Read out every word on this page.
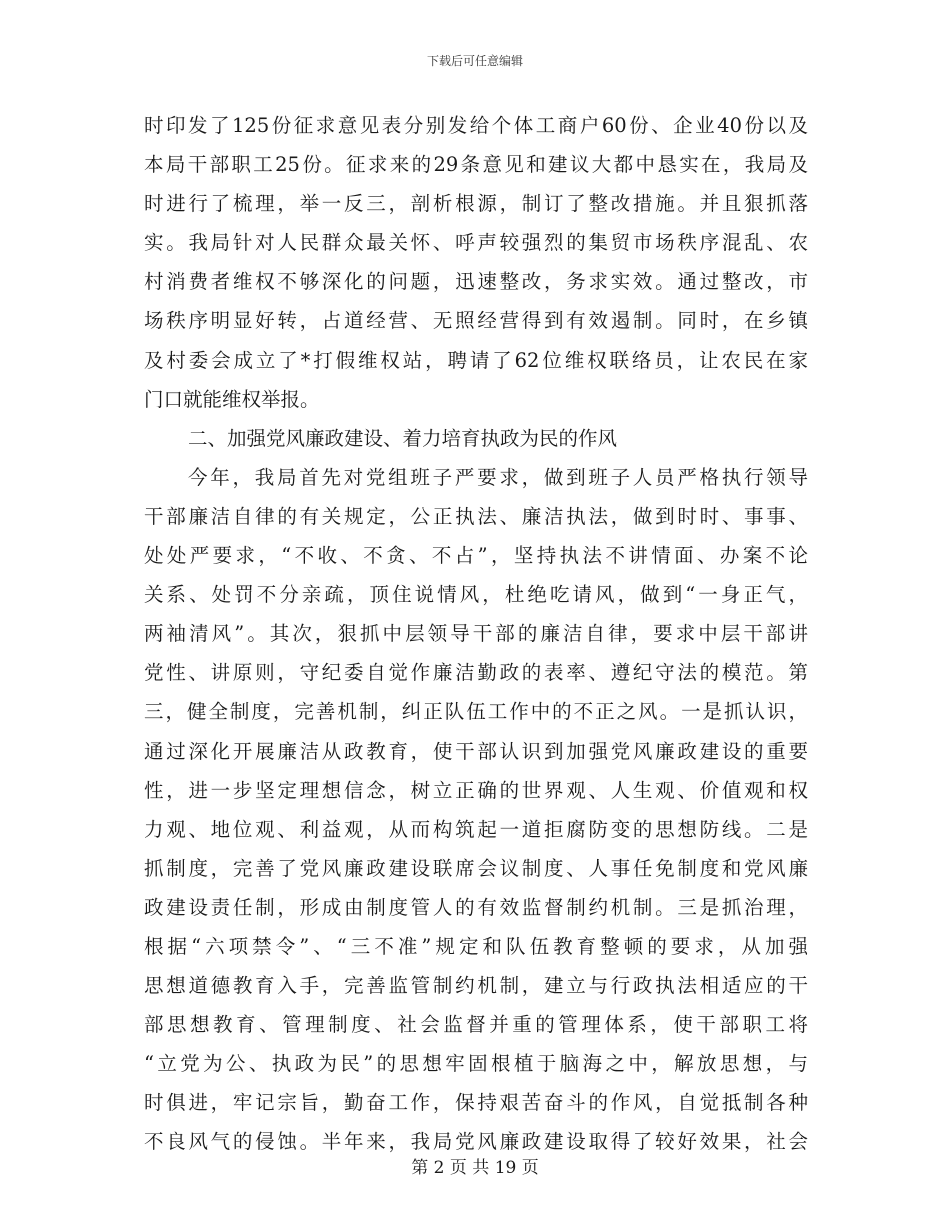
下载后可任意编辑
时印发了125份征求意见表分别发给个体工商户60份、企业40份以及
本局干部职工25份。征求来的29条意见和建议大都中恳实在，我局及
时进行了梳理，举一反三，剖析根源，制订了整改措施。并且狠抓落
实。我局针对人民群众最关怀、呼声较强烈的集贸市场秩序混乱、农
村消费者维权不够深化的问题，迅速整改，务求实效。通过整改，市
场秩序明显好转，占道经营、无照经营得到有效遏制。同时，在乡镇
及村委会成立了*打假维权站，聘请了62位维权联络员，让农民在家
门口就能维权举报。
二、加强党风廉政建设、着力培育执政为民的作风
今年，我局首先对党组班子严要求，做到班子人员严格执行领导
干部廉洁自律的有关规定，公正执法、廉洁执法，做到时时、事事、
处处严要求，“不收、不贪、不占”，坚持执法不讲情面、办案不论
关系、处罚不分亲疏，顶住说情风，杜绝吃请风，做到“一身正气，
两袖清风”。其次，狠抓中层领导干部的廉洁自律，要求中层干部讲
党性、讲原则，守纪委自觉作廉洁勤政的表率、遵纪守法的模范。第
三，健全制度，完善机制，纠正队伍工作中的不正之风。一是抓认识，
通过深化开展廉洁从政教育，使干部认识到加强党风廉政建设的重要
性，进一步坚定理想信念，树立正确的世界观、人生观、价值观和权
力观、地位观、利益观，从而构筑起一道拒腐防变的思想防线。二是
抓制度，完善了党风廉政建设联席会议制度、人事任免制度和党风廉
政建设责任制，形成由制度管人的有效监督制约机制。三是抓治理，
根据“六项禁令”、“三不准”规定和队伍教育整顿的要求，从加强
思想道德教育入手，完善监管制约机制，建立与行政执法相适应的干
部思想教育、管理制度、社会监督并重的管理体系，使干部职工将
“立党为公、执政为民”的思想牢固根植于脑海之中，解放思想，与
时俱进，牢记宗旨，勤奋工作，保持艰苦奋斗的作风，自觉抵制各种
不良风气的侵蚀。半年来，我局党风廉政建设取得了较好效果，社会
第 2 页 共 19 页
